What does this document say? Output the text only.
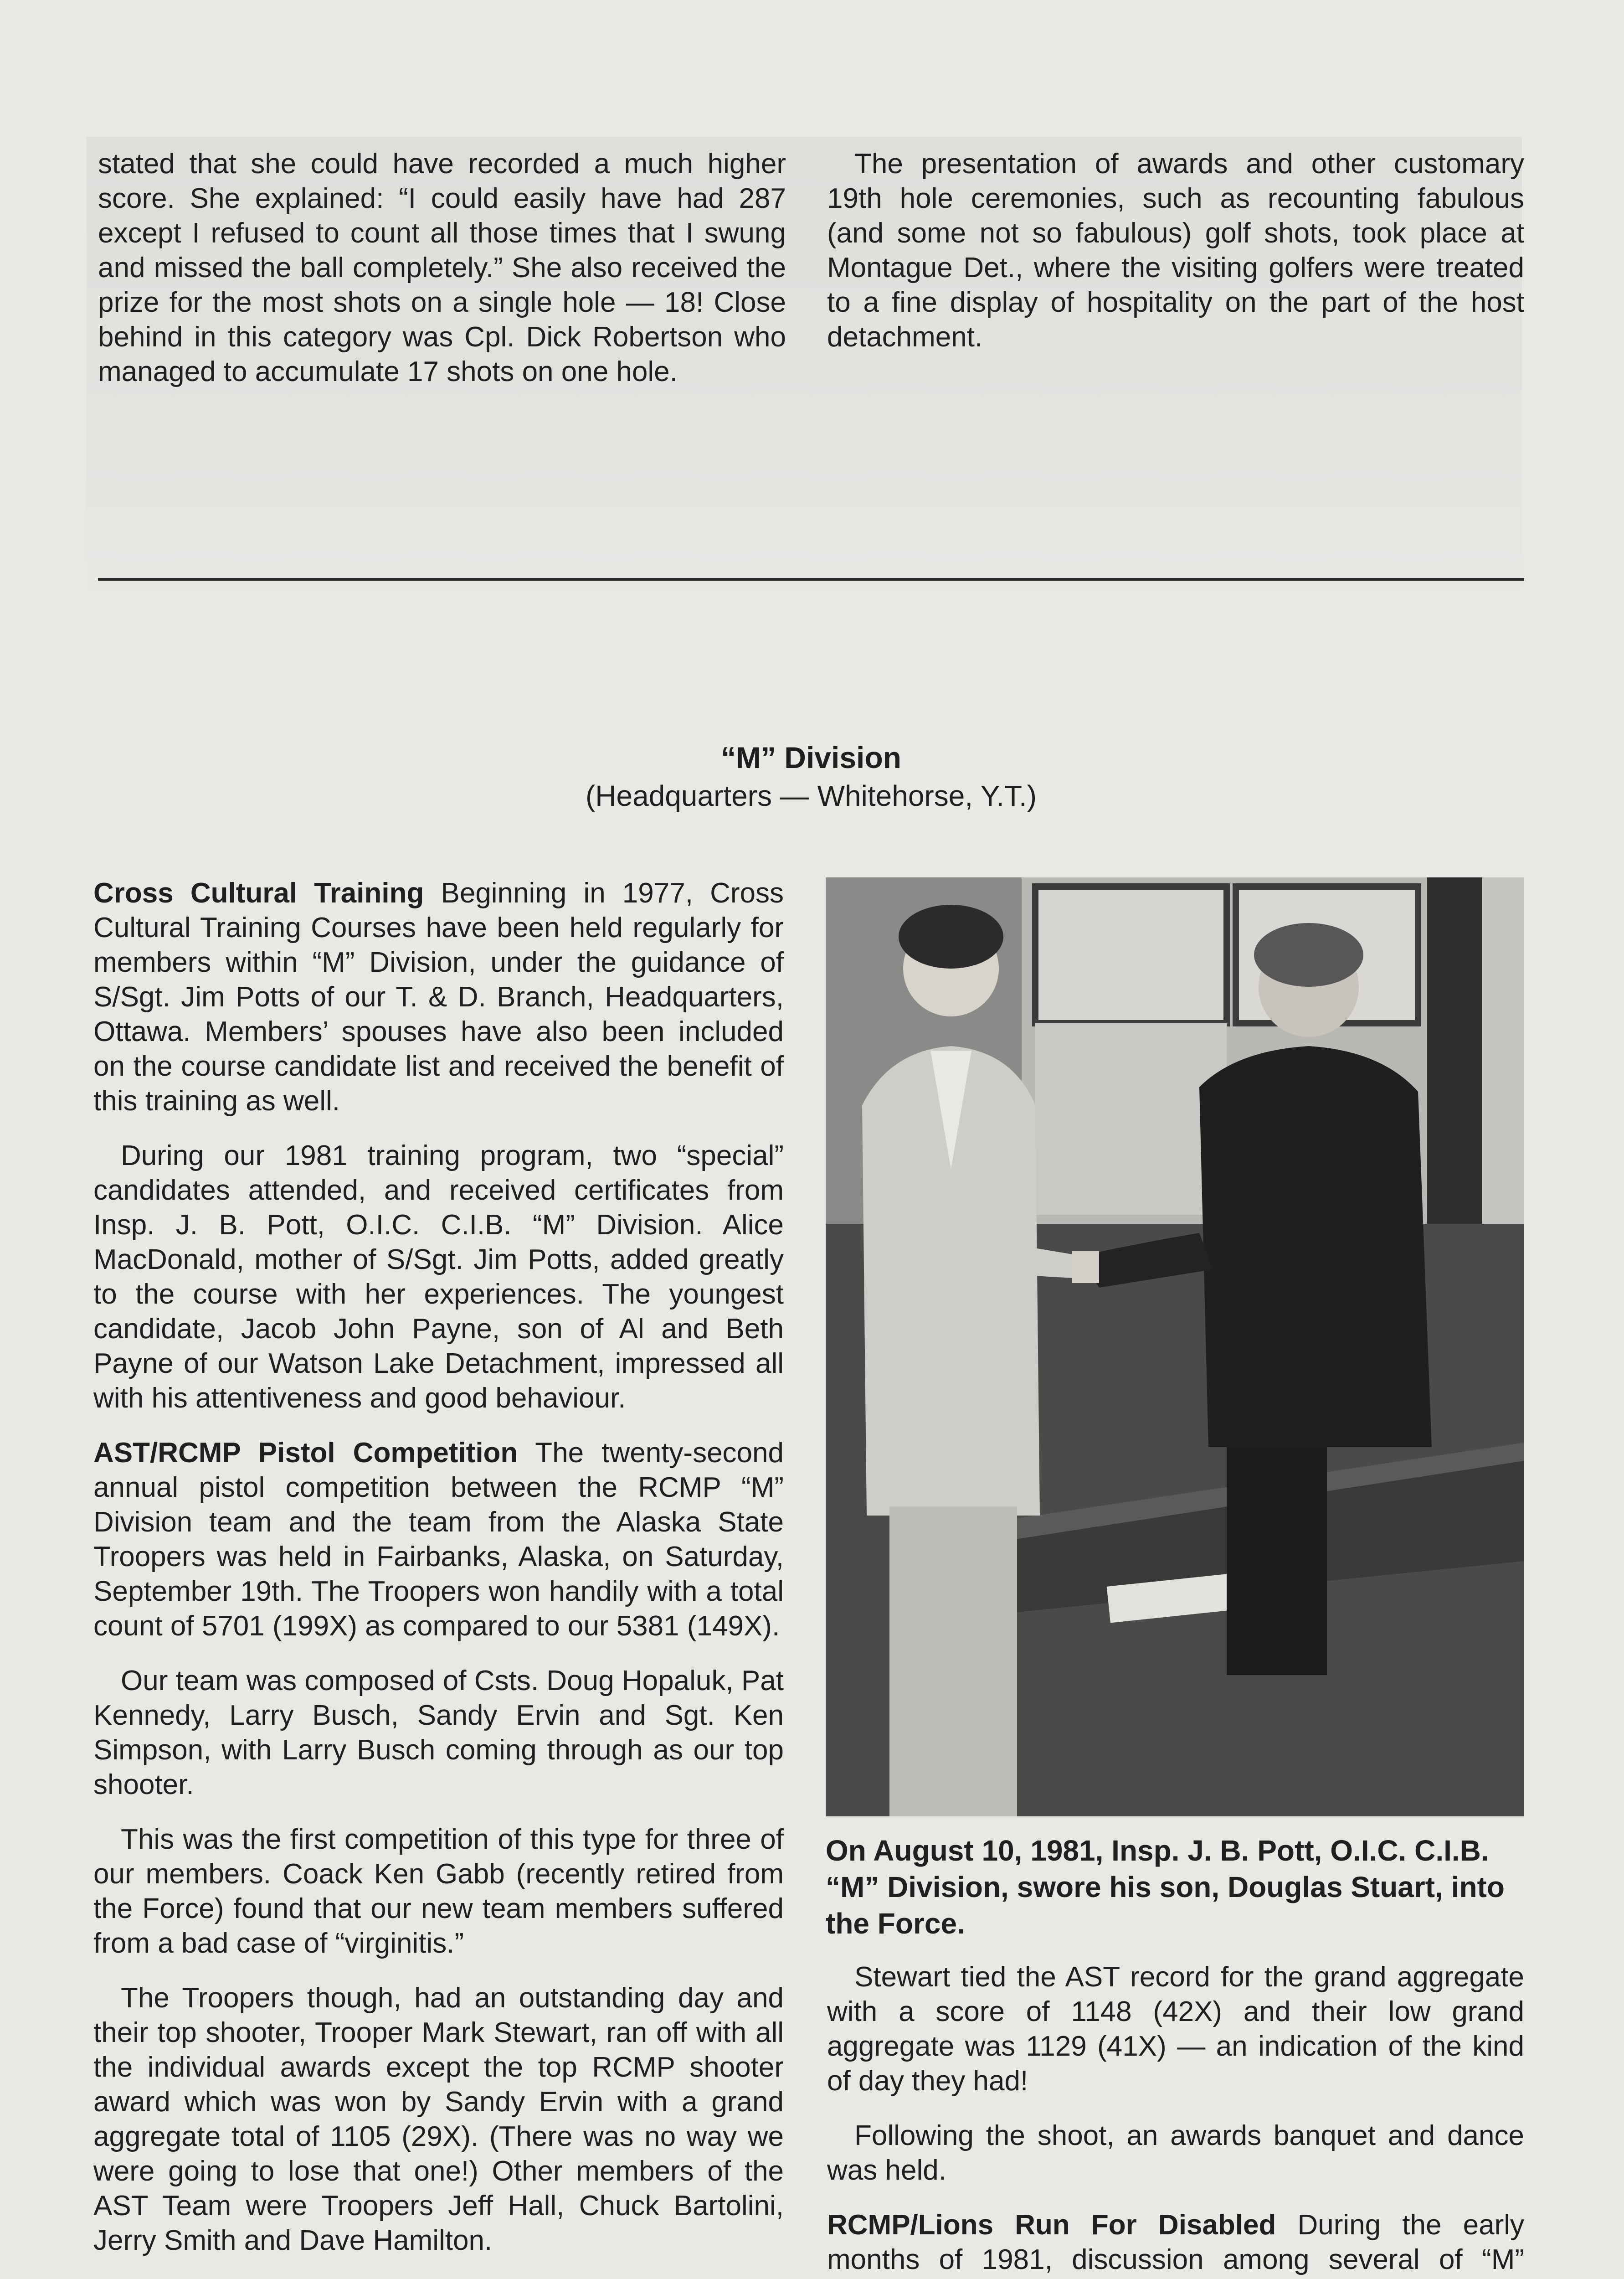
stated that she could have recorded a much higher score. She explained: “I could easily have had 287 except I refused to count all those times that I swung and missed the ball completely.” She also received the prize for the most shots on a single hole — 18! Close behind in this category was Cpl. Dick Robertson who managed to accumulate 17 shots on one hole.

The presentation of awards and other customary 19th hole ceremonies, such as recounting fabulous (and some not so fabulous) golf shots, took place at Montague Det., where the visiting golfers were treated to a fine display of hospitality on the part of the host detachment.

“M” Division
(Headquarters — Whitehorse, Y.T.)

Cross Cultural Training Beginning in 1977, Cross Cultural Training Courses have been held regularly for members within “M” Division, under the guidance of S/Sgt. Jim Potts of our T. & D. Branch, Headquarters, Ottawa. Members’ spouses have also been included on the course candidate list and received the benefit of this training as well.

During our 1981 training program, two “special” candidates attended, and received certificates from Insp. J. B. Pott, O.I.C. C.I.B. “M” Division. Alice MacDonald, mother of S/Sgt. Jim Potts, added greatly to the course with her experiences. The youngest candidate, Jacob John Payne, son of Al and Beth Payne of our Watson Lake Detachment, impressed all with his attentiveness and good behaviour.

AST/RCMP Pistol Competition The twenty-second annual pistol competition between the RCMP “M” Division team and the team from the Alaska State Troopers was held in Fairbanks, Alaska, on Saturday, September 19th. The Troopers won handily with a total count of 5701 (199X) as compared to our 5381 (149X).

Our team was composed of Csts. Doug Hopaluk, Pat Kennedy, Larry Busch, Sandy Ervin and Sgt. Ken Simpson, with Larry Busch coming through as our top shooter.

This was the first competition of this type for three of our members. Coack Ken Gabb (recently retired from the Force) found that our new team members suffered from a bad case of “virginitis.”

The Troopers though, had an outstanding day and their top shooter, Trooper Mark Stewart, ran off with all the individual awards except the top RCMP shooter award which was won by Sandy Ervin with a grand aggregate total of 1105 (29X). (There was no way we were going to lose that one!) Other members of the AST Team were Troopers Jeff Hall, Chuck Bartolini, Jerry Smith and Dave Hamilton.

On August 10, 1981, Insp. J. B. Pott, O.I.C. C.I.B. “M” Division, swore his son, Douglas Stuart, into the Force.

Stewart tied the AST record for the grand aggregate with a score of 1148 (42X) and their low grand aggregate was 1129 (41X) — an indication of the kind of day they had!

Following the shoot, an awards banquet and dance was held.

RCMP/Lions Run For Disabled During the early months of 1981, discussion among several of “M”
